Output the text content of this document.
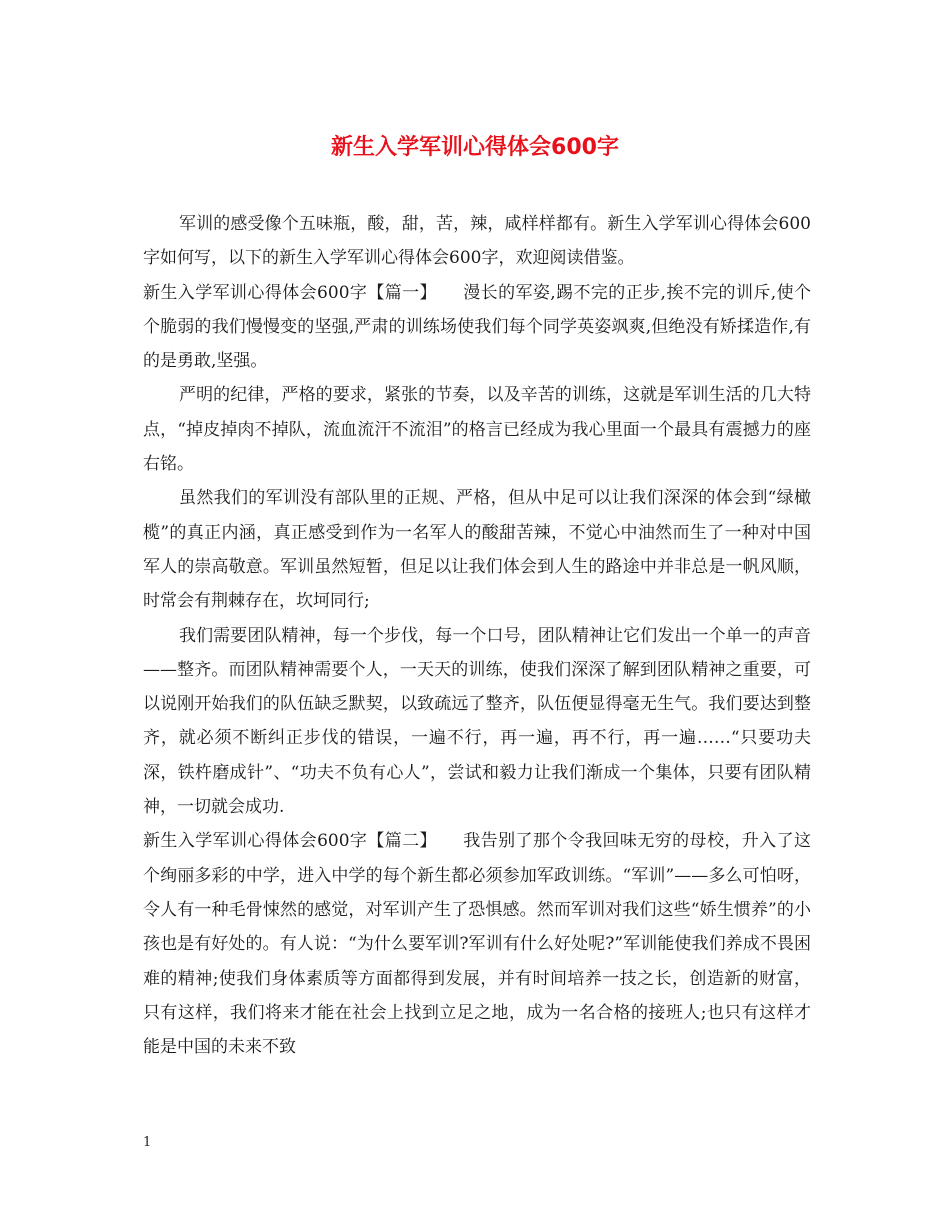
新生入学军训心得体会600字

军训的感受像个五味瓶，酸，甜，苦，辣，咸样样都有。新生入学军训心得体会600字如何写，以下的新生入学军训心得体会600字，欢迎阅读借鉴。

新生入学军训心得体会600字【篇一】　　漫长的军姿,踢不完的正步,挨不完的训斥,使个个脆弱的我们慢慢变的坚强,严肃的训练场使我们每个同学英姿飒爽,但绝没有矫揉造作,有的是勇敢,坚强。

严明的纪律，严格的要求，紧张的节奏，以及辛苦的训练，这就是军训生活的几大特点，“掉皮掉肉不掉队，流血流汗不流泪”的格言已经成为我心里面一个最具有震撼力的座右铭。

虽然我们的军训没有部队里的正规、严格，但从中足可以让我们深深的体会到“绿橄榄”的真正内涵，真正感受到作为一名军人的酸甜苦辣，不觉心中油然而生了一种对中国军人的崇高敬意。军训虽然短暂，但足以让我们体会到人生的路途中并非总是一帆风顺，时常会有荆棘存在，坎坷同行;

我们需要团队精神，每一个步伐，每一个口号，团队精神让它们发出一个单一的声音——整齐。而团队精神需要个人，一天天的训练，使我们深深了解到团队精神之重要，可以说刚开始我们的队伍缺乏默契，以致疏远了整齐，队伍便显得毫无生气。我们要达到整齐，就必须不断纠正步伐的错误，一遍不行，再一遍，再不行，再一遍……“只要功夫深，铁杵磨成针”、“功夫不负有心人”，尝试和毅力让我们渐成一个集体，只要有团队精神，一切就会成功.

新生入学军训心得体会600字【篇二】　　我告别了那个令我回味无穷的母校，升入了这个绚丽多彩的中学，进入中学的每个新生都必须参加军政训练。“军训”——多么可怕呀，令人有一种毛骨悚然的感觉，对军训产生了恐惧感。然而军训对我们这些“娇生惯养”的小孩也是有好处的。有人说：“为什么要军训?军训有什么好处呢?”军训能使我们养成不畏困难的精神;使我们身体素质等方面都得到发展，并有时间培养一技之长，创造新的财富，只有这样，我们将来才能在社会上找到立足之地，成为一名合格的接班人;也只有这样才能是中国的未来不致

1
